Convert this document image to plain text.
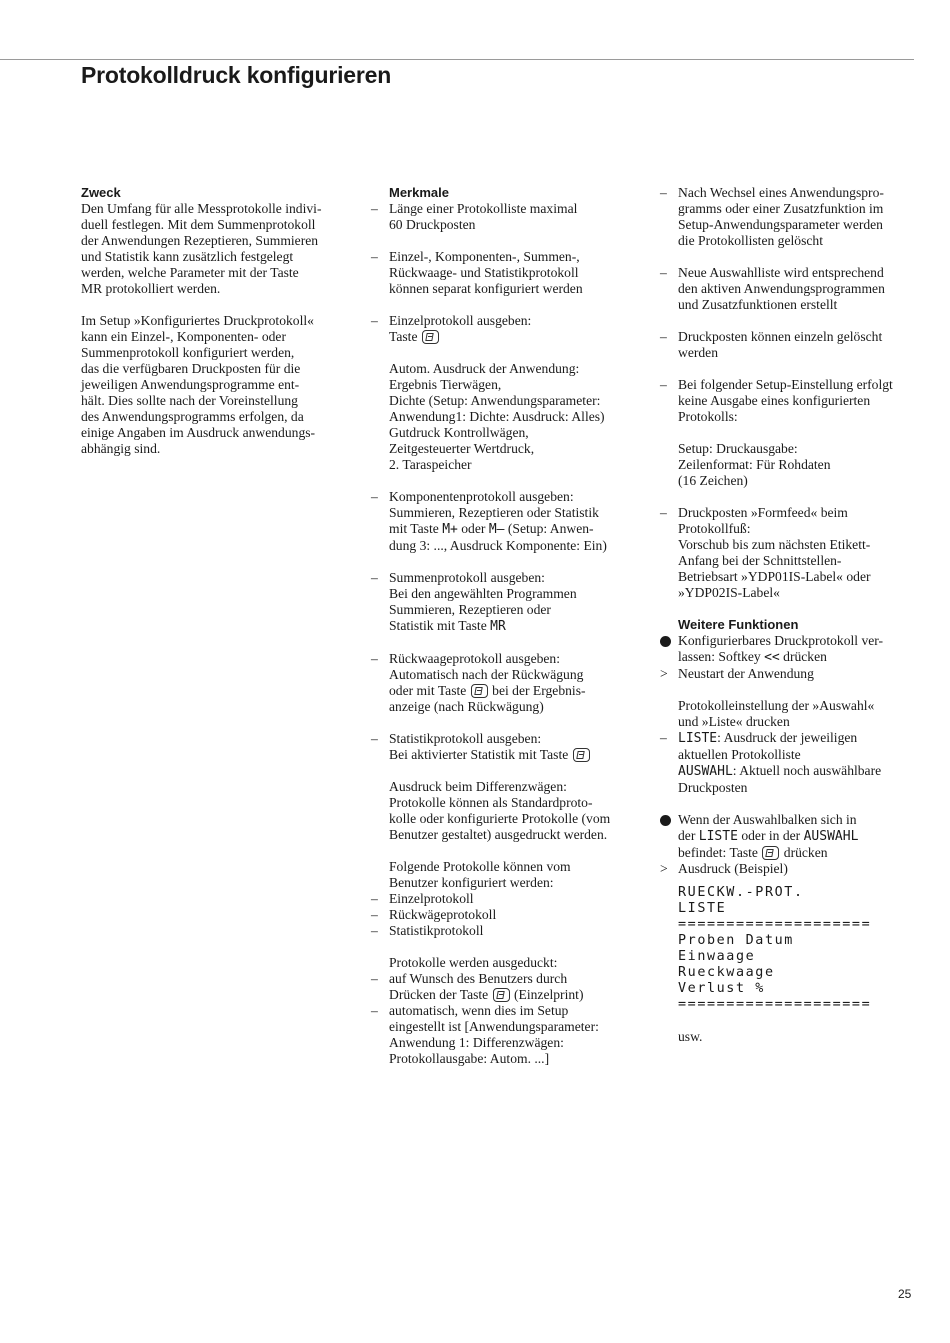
Protokolldruck konfigurieren
Zweck
Den Umfang für alle Messprotokolle indivi-
duell festlegen. Mit dem Summenprotokoll
der Anwendungen Rezeptieren, Summieren
und Statistik kann zusätzlich festgelegt
werden, welche Parameter mit der Taste
MR protokolliert werden.
Im Setup »Konfiguriertes Druckprotokoll«
kann ein Einzel-, Komponenten- oder
Summenprotokoll konfiguriert werden,
das die verfügbaren Druckposten für die
jeweiligen Anwendungsprogramme ent-
hält. Dies sollte nach der Voreinstellung
des Anwendungsprogramms erfolgen, da
einige Angaben im Ausdruck anwendungs-
abhängig sind.
Merkmale
– Länge einer Protokolliste maximal
60 Druckposten
– Einzel-, Komponenten-, Summen-,
Rückwaage- und Statistikprotokoll
können separat konfiguriert werden
– Einzelprotokoll ausgeben:
Taste
Autom. Ausdruck der Anwendung:
Ergebnis Tierwägen,
Dichte (Setup: Anwendungsparameter:
Anwendung1: Dichte: Ausdruck: Alles)
Gutdruck Kontrollwägen,
Zeitgesteuerter Wertdruck,
2. Taraspeicher
– Komponentenprotokoll ausgeben:
Summieren, Rezeptieren oder Statistik
mit Taste M+ oder M– (Setup: Anwen-
dung 3: ..., Ausdruck Komponente: Ein)
– Summenprotokoll ausgeben:
Bei den angewählten Programmen
Summieren, Rezeptieren oder
Statistik mit Taste MR
– Rückwaageprotokoll ausgeben:
Automatisch nach der Rückwägung
oder mit Taste bei der Ergebnis-
anzeige (nach Rückwägung)
– Statistikprotokoll ausgeben:
Bei aktivierter Statistik mit Taste
Ausdruck beim Differenzwägen:
Protokolle können als Standardproto-
kolle oder konfigurierte Protokolle (vom
Benutzer gestaltet) ausgedruckt werden.
Folgende Protokolle können vom
Benutzer konfiguriert werden:
– Einzelprotokoll
– Rückwägeprotokoll
– Statistikprotokoll
Protokolle werden ausgeduckt:
– auf Wunsch des Benutzers durch
Drücken der Taste (Einzelprint)
– automatisch, wenn dies im Setup
eingestellt ist [Anwendungsparameter:
Anwendung 1: Differenzwägen:
Protokollausgabe: Autom. ...]
– Nach Wechsel eines Anwendungspro-
gramms oder einer Zusatzfunktion im
Setup-Anwendungsparameter werden
die Protokollisten gelöscht
– Neue Auswahlliste wird entsprechend
den aktiven Anwendungsprogrammen
und Zusatzfunktionen erstellt
– Druckposten können einzeln gelöscht
werden
– Bei folgender Setup-Einstellung erfolgt
keine Ausgabe eines konfigurierten
Protokolls:
Setup: Druckausgabe:
Zeilenformat: Für Rohdaten
(16 Zeichen)
– Druckposten »Formfeed« beim
Protokollfuß:
Vorschub bis zum nächsten Etikett-
Anfang bei der Schnittstellen-
Betriebsart »YDP01IS-Label« oder
»YDP02IS-Label«
Weitere Funktionen
Konfigurierbares Druckprotokoll ver-
lassen: Softkey << drücken
> Neustart der Anwendung
Protokolleinstellung der »Auswahl«
und »Liste« drucken
– LISTE: Ausdruck der jeweiligen
aktuellen Protokolliste
AUSWAHL: Aktuell noch auswählbare
Druckposten
Wenn der Auswahlbalken sich in
der LISTE oder in der AUSWAHL
befindet: Taste drücken
> Ausdruck (Beispiel)
RUECKW.-PROT.
LISTE
====================
Proben Datum
Einwaage
Rueckwaage
Verlust %
====================
usw.
25
